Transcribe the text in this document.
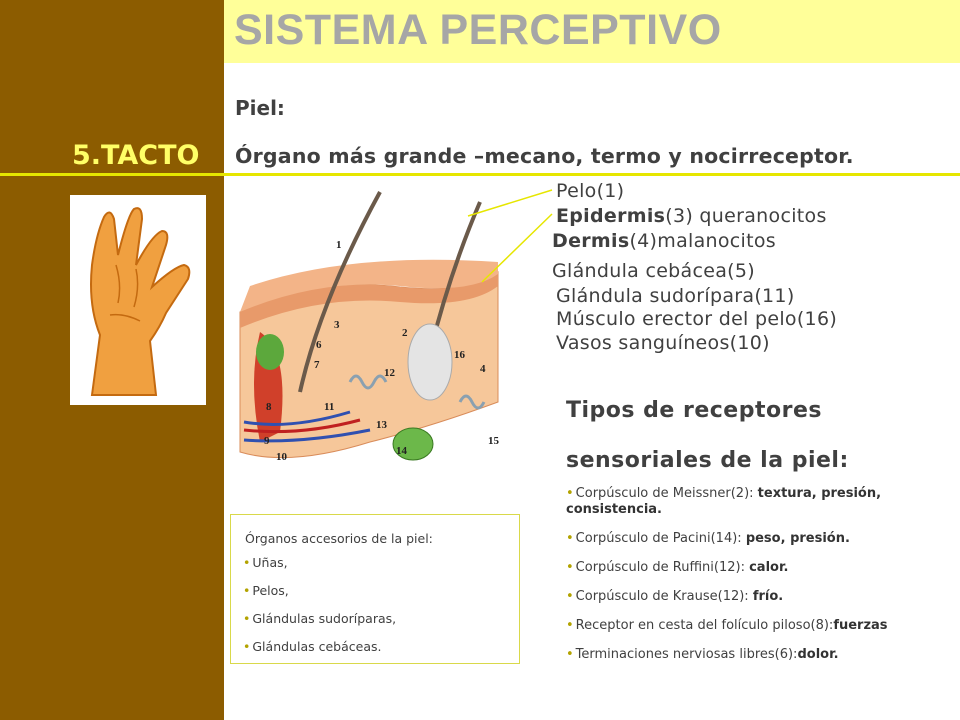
SISTEMA PERCEPTIVO
5.TACTO
Piel:
Órgano más grande –mecano, termo y nocirreceptor.
1
2
3
4
6
7
8
9
10
11
12
13
14
15
16
Pelo(1)
Epidermis(3) queranocitos
Dermis(4)malanocitos
Glándula cebácea(5)
Glándula sudorípara(11)
Músculo erector del pelo(16)
Vasos sanguíneos(10)
Tipos de receptores
sensoriales de la piel:
• Corpúsculo de Meissner(2): textura, presión, consistencia.
• Corpúsculo de Pacini(14): peso, presión.
• Corpúsculo de Ruffini(12): calor.
• Corpúsculo de Krause(12): frío.
• Receptor en cesta del folículo piloso(8):fuerzas
• Terminaciones nerviosas libres(6):dolor.
Órganos accesorios de la piel:
• Uñas,
• Pelos,
• Glándulas sudoríparas,
• Glándulas cebáceas.
